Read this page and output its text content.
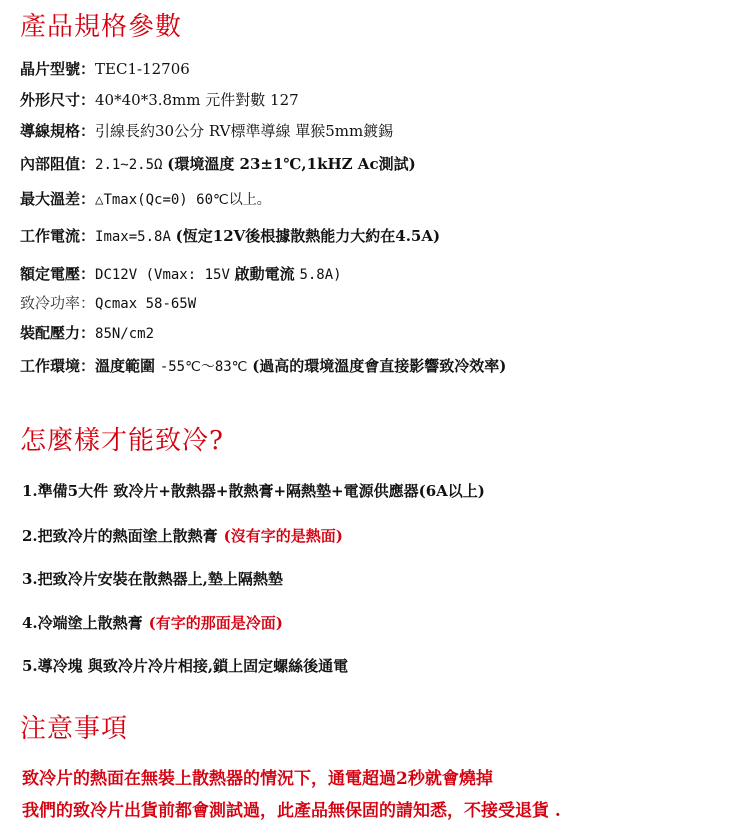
產品規格參數
晶片型號：TEC1-12706
外形尺寸：40*40*3.8mm 元件對數 127
導線規格：引線長約30公分 RV標準導線 單猴5mm鍍錫
內部阻值：2.1~2.5Ω (環境溫度 23±1℃,1kHZ Ac測試)
最大溫差：△Tmax(Qc=0) 60℃以上。
工作電流：Imax=5.8A (恆定12V後根據散熱能力大約在4.5A)
額定電壓：DC12V (Vmax: 15V 啟動電流 5.8A)
致冷功率：Qcmax 58-65W
裝配壓力：85N/cm2
工作環境：溫度範圍 -55℃～83℃ (過高的環境溫度會直接影響致冷效率)
怎麼樣才能致冷?
1.準備5大件 致冷片+散熱器+散熱膏+隔熱墊+電源供應器(6A以上)
2.把致冷片的熱面塗上散熱膏 (沒有字的是熱面)
3.把致冷片安裝在散熱器上,墊上隔熱墊
4.冷端塗上散熱膏 (有字的那面是冷面)
5.導冷塊 與致冷片冷片相接,鎖上固定螺絲後通電
注意事項
致冷片的熱面在無裝上散熱器的情況下，通電超過2秒就會燒掉
我們的致冷片出貨前都會測試過，此產品無保固的請知悉，不接受退貨 .
